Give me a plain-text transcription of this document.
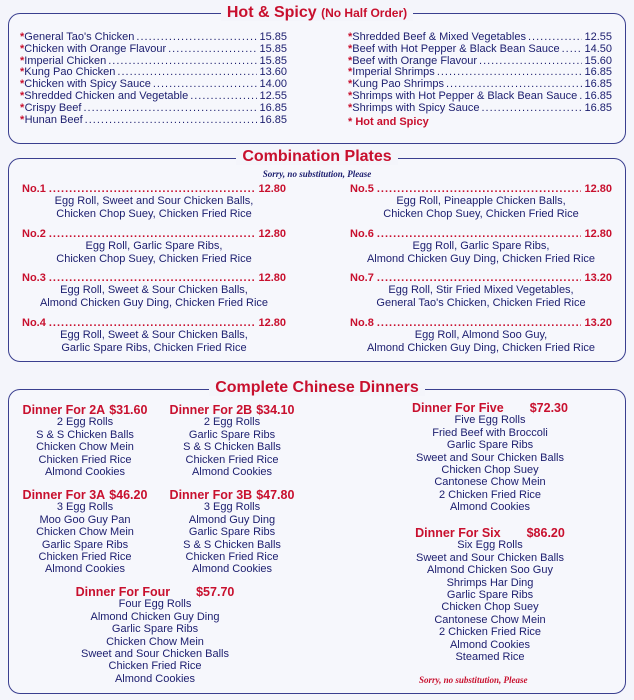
Hot & Spicy (No Half Order)
* General Tao's Chicken .....	15.85
* Chicken with Orange Flavour .....	15.85
* Imperial Chicken .....	15.85
* Kung Pao Chicken .....	13.60
* Chicken with Spicy Sauce .....	14.00
* Shredded Chicken and Vegetable .....	12.55
* Crispy Beef .....	16.85
* Hunan Beef .....	16.85
* Shredded Beef & Mixed Vegetables .....	12.55
* Beef with Hot Pepper & Black Bean Sauce ..... 14.50
* Beef with Orange Flavour .....	15.60
* Imperial Shrimps .....	16.85
* Kung Pao Shrimps .....	16.85
* Shrimps with Hot Pepper & Black Bean Sauce ..... 16.85
* Shrimps with Spicy Sauce .....	16.85
* Hot and Spicy
Combination Plates
Sorry, no substitution, Please
No.1 .....	12.80
Egg Roll, Sweet and Sour Chicken Balls,
Chicken Chop Suey, Chicken Fried Rice
No.2 .....	12.80
Egg Roll, Garlic Spare Ribs,
Chicken Chop Suey, Chicken Fried Rice
No.3 .....	12.80
Egg Roll, Sweet & Sour Chicken Balls,
Almond Chicken Guy Ding, Chicken Fried Rice
No.4 .....	12.80
Egg Roll, Sweet & Sour Chicken Balls,
Garlic Spare Ribs, Chicken Fried Rice
No.5 .....	12.80
Egg Roll, Pineapple Chicken Balls,
Chicken Chop Suey, Chicken Fried Rice
No.6 .....	12.80
Egg Roll, Garlic Spare Ribs,
Almond Chicken Guy Ding, Chicken Fried Rice
No.7 .....	13.20
Egg Roll, Stir Fried Mixed Vegetables,
General Tao's Chicken, Chicken Fried Rice
No.8 .....	13.20
Egg Roll, Almond Soo Guy,
Almond Chicken Guy Ding, Chicken Fried Rice
Complete Chinese Dinners
Dinner For 2A $31.60
2 Egg Rolls
S & S Chicken Balls
Chicken Chow Mein
Chicken Fried Rice
Almond Cookies
Dinner For 2B $34.10
2 Egg Rolls
Garlic Spare Ribs
S & S Chicken Balls
Chicken Fried Rice
Almond Cookies
Dinner For 3A $46.20
3 Egg Rolls
Moo Goo Guy Pan
Chicken Chow Mein
Garlic Spare Ribs
Chicken Fried Rice
Almond Cookies
Dinner For 3B $47.80
3 Egg Rolls
Almond Guy Ding
Garlic Spare Ribs
S & S Chicken Balls
Chicken Fried Rice
Almond Cookies
Dinner For Four $57.70
Four Egg Rolls
Almond Chicken Guy Ding
Garlic Spare Ribs
Chicken Chow Mein
Sweet and Sour Chicken Balls
Chicken Fried Rice
Almond Cookies
Dinner For Five $72.30
Five Egg Rolls
Fried Beef with Broccoli
Garlic Spare Ribs
Sweet and Sour Chicken Balls
Chicken Chop Suey
Cantonese Chow Mein
2 Chicken Fried Rice
Almond Cookies
Dinner For Six $86.20
Six Egg Rolls
Sweet and Sour Chicken Balls
Almond Chicken Soo Guy
Shrimps Har Ding
Garlic Spare Ribs
Chicken Chop Suey
Cantonese Chow Mein
2 Chicken Fried Rice
Almond Cookies
Steamed Rice
Sorry, no substitution, Please
